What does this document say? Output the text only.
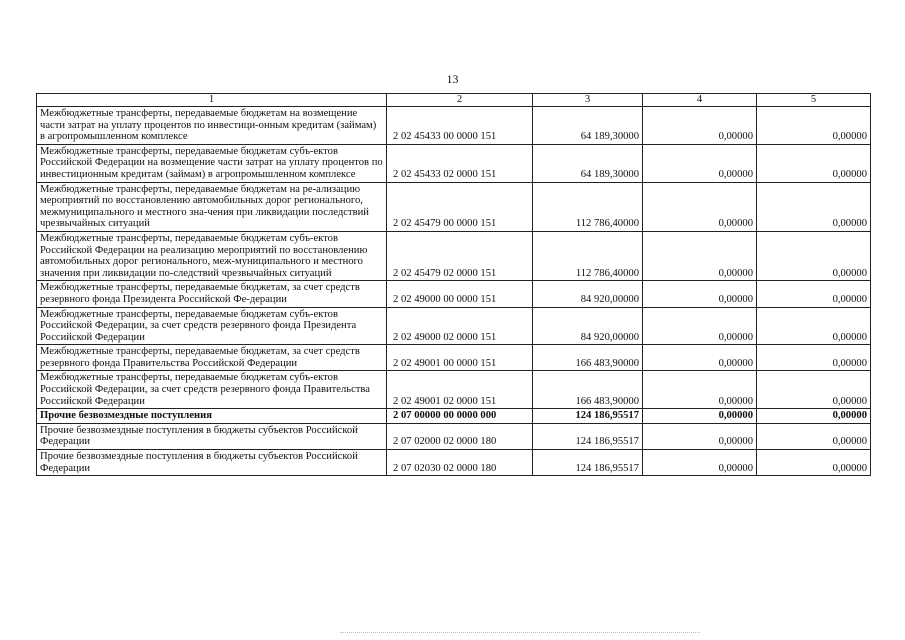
13
1	2	3	4	5
Межбюджетные трансферты, передаваемые бюджетам на возмещение части затрат на уплату процентов по инвестици-онным кредитам (займам) в агропромышленном комплексе	2 02 45433 00 0000 151	64 189,30000	0,00000	0,00000
Межбюджетные трансферты, передаваемые бюджетам субъ-ектов Российской Федерации на возмещение части затрат на уплату процентов по инвестиционным кредитам (займам) в агропромышленном комплексе	2 02 45433 02 0000 151	64 189,30000	0,00000	0,00000
Межбюджетные трансферты, передаваемые бюджетам на ре-ализацию мероприятий по восстановлению автомобильных дорог регионального, межмуниципального и местного зна-чения при ликвидации последствий чрезвычайных ситуаций	2 02 45479 00 0000 151	112 786,40000	0,00000	0,00000
Межбюджетные трансферты, передаваемые бюджетам субъ-ектов Российской Федерации на реализацию мероприятий по восстановлению автомобильных дорог регионального, меж-муниципального и местного значения при ликвидации по-следствий чрезвычайных ситуаций	2 02 45479 02 0000 151	112 786,40000	0,00000	0,00000
Межбюджетные трансферты, передаваемые бюджетам, за счет средств резервного фонда Президента Российской Фе-дерации	2 02 49000 00 0000 151	84 920,00000	0,00000	0,00000
Межбюджетные трансферты, передаваемые бюджетам субъ-ектов Российской Федерации, за счет средств резервного фонда Президента Российской Федерации	2 02 49000 02 0000 151	84 920,00000	0,00000	0,00000
Межбюджетные трансферты, передаваемые бюджетам, за счет средств резервного фонда Правительства Российской Федерации	2 02 49001 00 0000 151	166 483,90000	0,00000	0,00000
Межбюджетные трансферты, передаваемые бюджетам субъ-ектов Российской Федерации, за счет средств резервного фонда Правительства Российской Федерации	2 02 49001 02 0000 151	166 483,90000	0,00000	0,00000
Прочие безвозмездные поступления	2 07 00000 00 0000 000	124 186,95517	0,00000	0,00000
Прочие безвозмездные поступления в бюджеты субъектов Российской Федерации	2 07 02000 02 0000 180	124 186,95517	0,00000	0,00000
Прочие безвозмездные поступления в бюджеты субъектов Российской Федерации	2 07 02030 02 0000 180	124 186,95517	0,00000	0,00000
